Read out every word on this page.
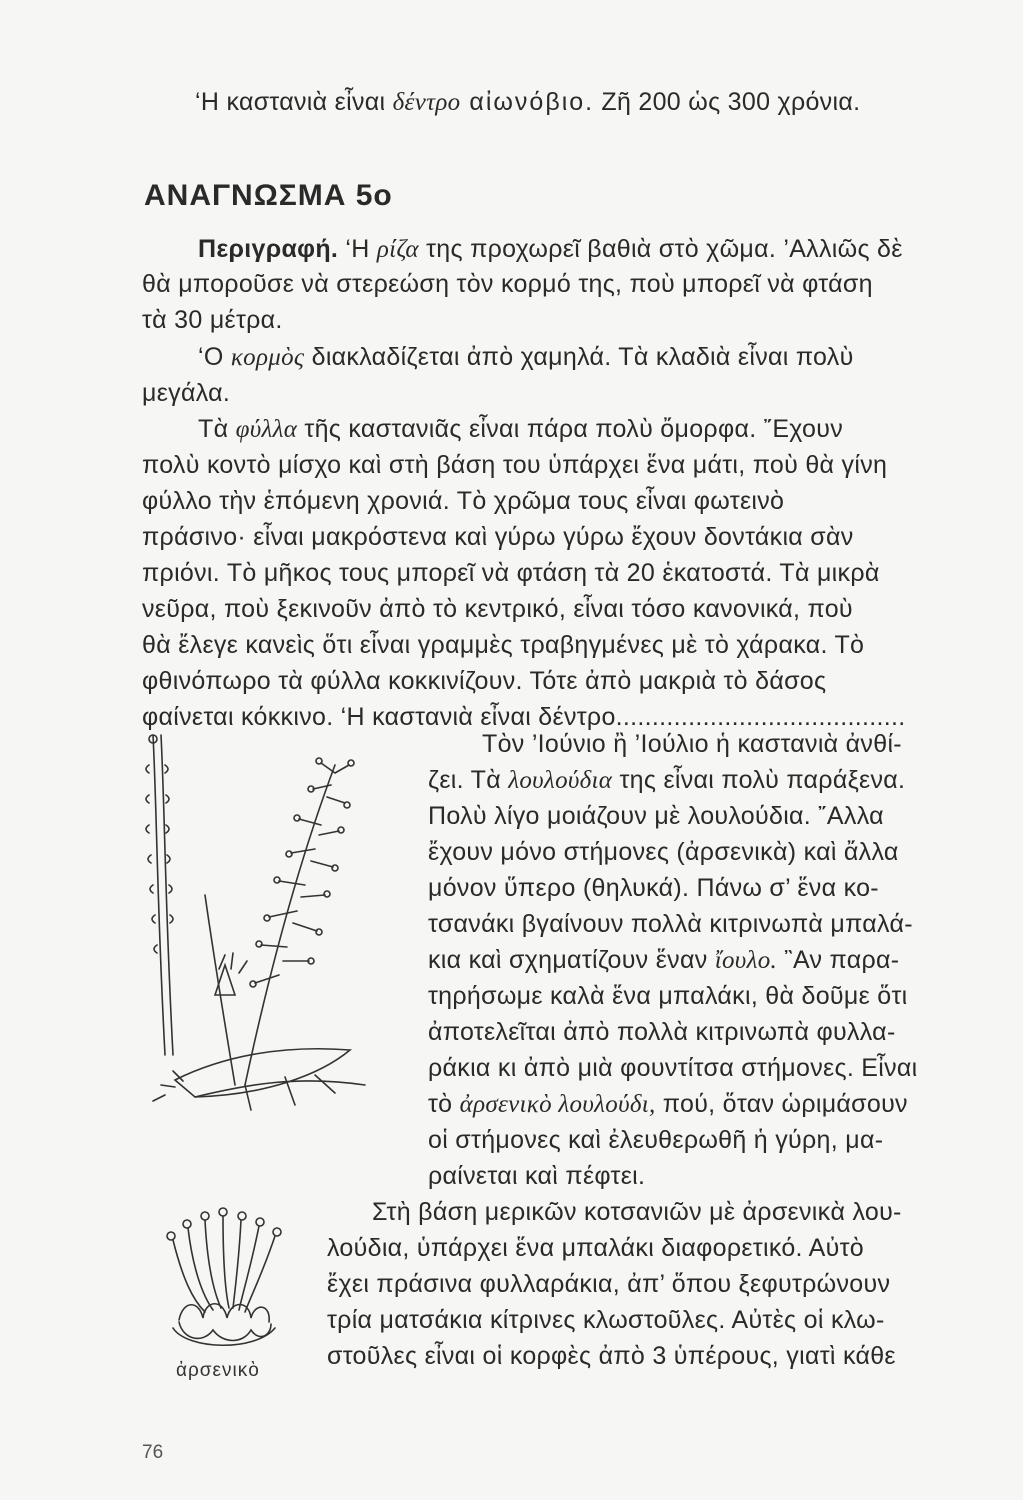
‘Η καστανιὰ εἶναι δέντρο αἰωνόβιο. Ζῆ 200 ὡς 300 χρόνια.
ΑΝΑΓΝΩΣΜΑ 5ο
Περιγραφή. ‘Η ρίζα της προχωρεῖ βαθιὰ στὸ χῶμα. ’Αλλιῶς δὲ
θὰ μποροῦσε νὰ στερεώση τὸν κορμό της, ποὺ μπορεῖ νὰ φτάση
τὰ 30 μέτρα.
‘Ο κορμὸς διακλαδίζεται ἀπὸ χαμηλά. Τὰ κλαδιὰ εἶναι πολὺ
μεγάλα.
Τὰ φύλλα τῆς καστανιᾶς εἶναι πάρα πολὺ ὄμορφα. ῎Εχουν
πολὺ κοντὸ μίσχο καὶ στὴ βάση του ὑπάρχει ἕνα μάτι, ποὺ θὰ γίνη
φύλλο τὴν ἑπόμενη χρονιά. Τὸ χρῶμα τους εἶναι φωτεινὸ
πράσινο· εἶναι μακρόστενα καὶ γύρω γύρω ἔχουν δοντάκια σὰν
πριόνι. Τὸ μῆκος τους μπορεῖ νὰ φτάση τὰ 20 ἑκατοστά. Τὰ μικρὰ
νεῦρα, ποὺ ξεκινοῦν ἀπὸ τὸ κεντρικό, εἶναι τόσο κανονικά, ποὺ
θὰ ἔλεγε κανεὶς ὅτι εἶναι γραμμὲς τραβηγμένες μὲ τὸ χάρακα. Τὸ
φθινόπωρο τὰ φύλλα κοκκινίζουν. Τότε ἀπὸ μακριὰ τὸ δάσος
φαίνεται κόκκινο. ‘Η καστανιὰ εἶναι δέντρο........................................
Τὸν ’Ιούνιο ἢ ’Ιούλιο ἡ καστανιὰ ἀνθί-
ζει. Τὰ λουλούδια της εἶναι πολὺ παράξενα.
Πολὺ λίγο μοιάζουν μὲ λουλούδια. ῎Αλλα
ἔχουν μόνο στήμονες (ἀρσενικὰ) καὶ ἄλλα
μόνον ὕπερο (θηλυκά). Πάνω σ’ ἕνα κο-
τσανάκι βγαίνουν πολλὰ κιτρινωπὰ μπαλά-
κια καὶ σχηματίζουν ἕναν ἴουλο. ῍Αν παρα-
τηρήσωμε καλὰ ἕνα μπαλάκι, θὰ δοῦμε ὅτι
ἀποτελεῖται ἀπὸ πολλὰ κιτρινωπὰ φυλλα-
ράκια κι ἀπὸ μιὰ φουντίτσα στήμονες. Εἶναι
τὸ ἀρσενικὸ λουλούδι, πού, ὅταν ὡριμάσουν
οἱ στήμονες καὶ ἐλευθερωθῆ ἡ γύρη, μα-
ραίνεται καὶ πέφτει.
Στὴ βάση μερικῶν κοτσανιῶν μὲ ἀρσενικὰ λου-
λούδια, ὑπάρχει ἕνα μπαλάκι διαφορετικό. Αὐτὸ
ἔχει πράσινα φυλλαράκια, ἀπ’ ὅπου ξεφυτρώνουν
τρία ματσάκια κίτρινες κλωστοῦλες. Αὐτὲς οἱ κλω-
στοῦλες εἶναι οἱ κορφὲς ἀπὸ 3 ὑπέρους, γιατὶ κάθε
ἀρσενικὸ
76
